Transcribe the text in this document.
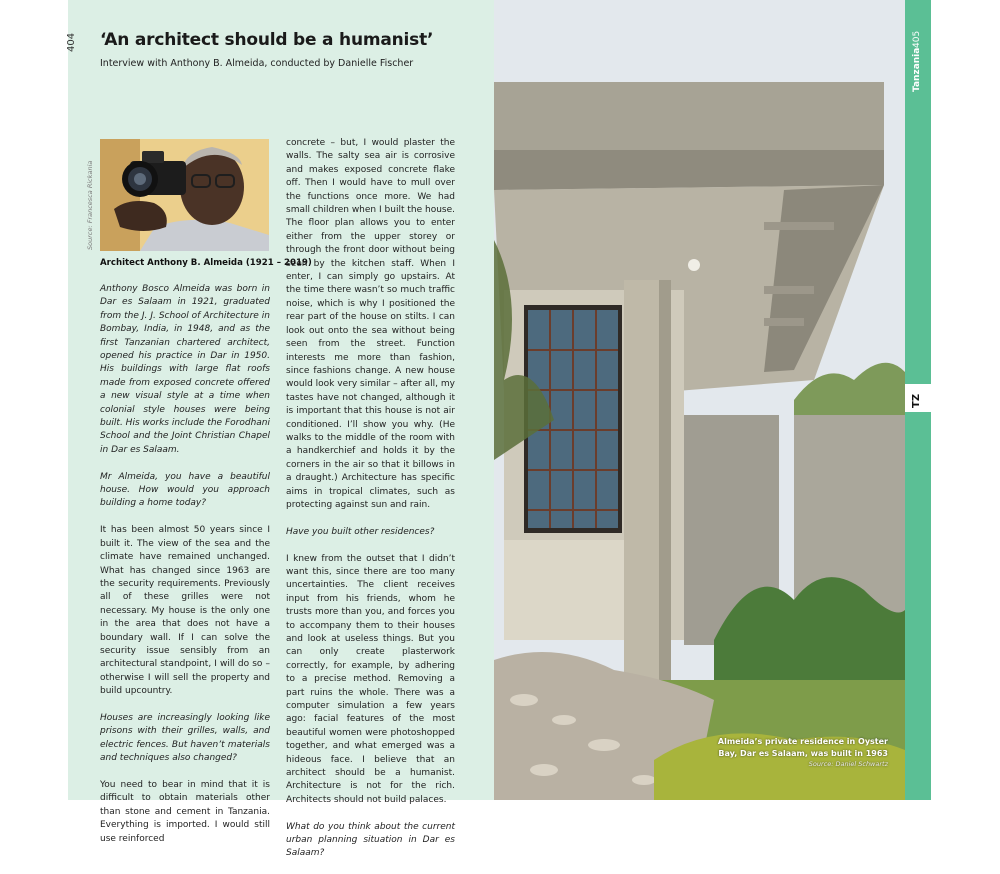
404 ‘An architect should be a humanist’
Interview with Anthony B. Almeida, conducted by Danielle Fischer
Source: Francesca Rickania
Architect Anthony B. Almeida (1921 – 2019)

Anthony Bosco Almeida was born in Dar es Salaam in 1921, graduated from the J. J. School of Architecture in Bombay, India, in 1948, and as the first Tanzanian chartered architect, opened his practice in Dar in 1950. His buildings with large flat roofs made from exposed concrete offered a new visual style at a time when colonial style houses were being built. His works include the Forodhani School and the Joint Christian Chapel in Dar es Salaam.

Mr Almeida, you have a beautiful house. How would you approach building a home today?

It has been almost 50 years since I built it. The view of the sea and the climate have remained unchanged. What has changed since 1963 are the security requirements. Previously all of these grilles were not necessary. My house is the only one in the area that does not have a boundary wall. If I can solve the security issue sensibly from an architectural standpoint, I will do so – otherwise I will sell the property and build upcountry.

Houses are increasingly looking like prisons with their grilles, walls, and electric fences. But haven’t materials and techniques also changed?

You need to bear in mind that it is difficult to obtain materials other than stone and cement in Tanzania. Everything is imported. I would still use reinforced

concrete – but, I would plaster the walls. The salty sea air is corrosive and makes exposed concrete flake off. Then I would have to mull over the functions once more. We had small children when I built the house. The floor plan allows you to enter either from the upper storey or through the front door without being seen by the kitchen staff. When I enter, I can simply go upstairs. At the time there wasn’t so much traffic noise, which is why I positioned the rear part of the house on stilts. I can look out onto the sea without being seen from the street. Function interests me more than fashion, since fashions change. A new house would look very similar – after all, my tastes have not changed, although it is important that this house is not air conditioned. I’ll show you why. (He walks to the middle of the room with a handkerchief and holds it by the corners in the air so that it billows in a draught.) Architecture has specific aims in tropical climates, such as protecting against sun and rain.

Have you built other residences?

I knew from the outset that I didn’t want this, since there are too many uncertainties. The client receives input from his friends, whom he trusts more than you, and forces you to accompany them to their houses and look at useless things. But you can only create plasterwork correctly, for example, by adhering to a precise method. Removing a part ruins the whole. There was a computer simulation a few years ago: facial features of the most beautiful women were photoshopped together, and what emerged was a hideous face. I believe that an architect should be a humanist. Architecture is not for the rich. Architects should not build palaces.

What do you think about the current urban planning situation in Dar es Salaam?

Almeida’s private residence in Oyster Bay, Dar es Salaam, was built in 1963
Source: Daniel Schwartz
405
Tanzania
TZ
